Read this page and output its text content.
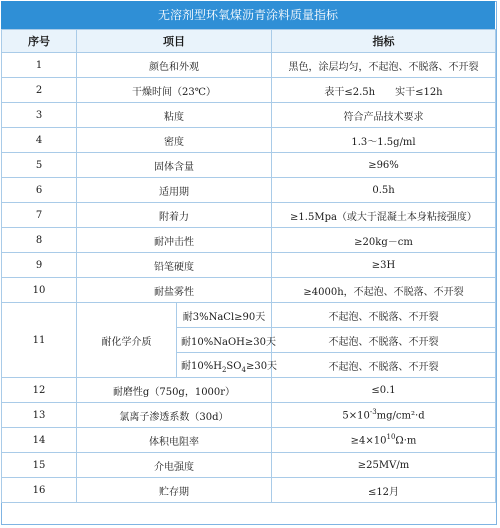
无溶剂型环氧煤沥青涂料质量指标
序号	项目		指标
1	颜色和外观		黑色，涂层均匀，不起泡、不脱落、不开裂
2	干燥时间（23℃）		表干≤2.5h　　实干≤12h
3	粘度		符合产品技术要求
4	密度		1.3～1.5g/ml
5	固体含量		≥96%
6	适用期		0.5h
7	附着力		≥1.5Mpa（或大于混凝土本身粘接强度）
8	耐冲击性		≥20kg－cm
9	铅笔硬度		≥3H
10	耐盐雾性		≥4000h，不起泡、不脱落、不开裂
11	耐化学介质	耐3%NaCl≥90天	不起泡、不脱落、不开裂
		耐10%NaOH≥30天	不起泡、不脱落、不开裂
		耐$10\%H_2SO_4\ge 30$天	不起泡、不脱落、不开裂
12	耐磨性g（750g，1000r）		≤0.1
13	氯离子渗透系数（30d）		$5\times 10^{-3}mg/cm^2\cdot d$
14	体积电阻率		$\ge 4\times 10^{10}\Omega\cdot m$
15	介电强度		≥25MV/m
16	贮存期		≤12月
